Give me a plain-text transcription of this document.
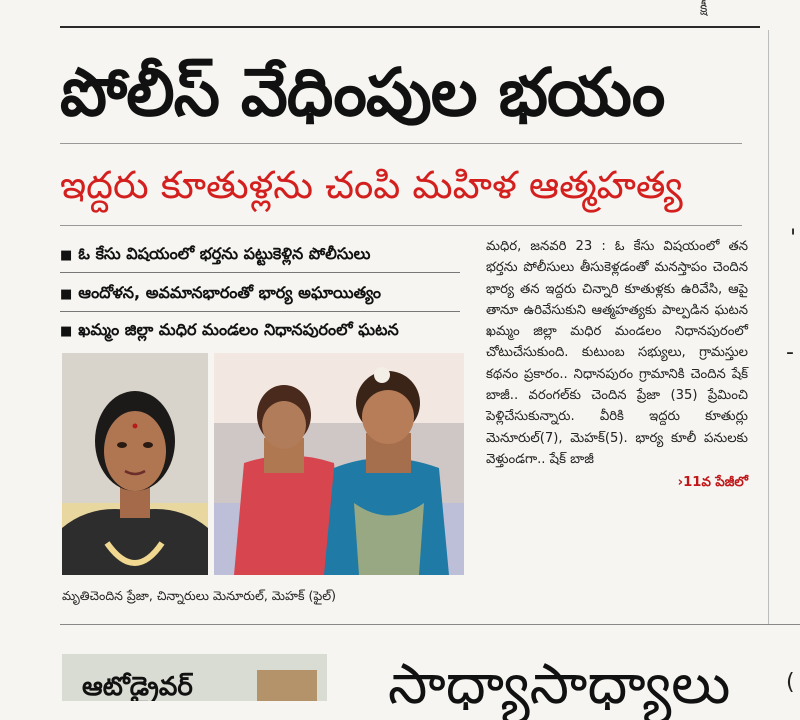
క్షీ
పోలీస్ వేధింపుల భయం
ఇద్దరు కూతుళ్లను చంపి మహిళ ఆత్మహత్య
■ ఓ కేసు విషయంలో భర్తను పట్టుకెళ్లిన పోలీసులు
■ ఆందోళన, అవమానభారంతో భార్య అఘాయిత్యం
■ ఖమ్మం జిల్లా మధిర మండలం నిధానపురంలో ఘటన
మృతిచెందిన ప్రేజా, చిన్నారులు మెనూరుల్, మెహక్ (ఫైల్)

మధిర, జనవరి 23 : ఓ కేసు విషయంలో తన భర్తను పోలీసులు తీసుకెళ్లడంతో మనస్తాపం చెందిన భార్య తన ఇద్దరు చిన్నారి కూతుళ్లకు ఉరివేసి, ఆపై తానూ ఉరివేసుకుని ఆత్మహత్యకు పాల్పడిన ఘటన ఖమ్మం జిల్లా మధిర మండలం నిధానపురంలో చోటుచేసుకుంది. కుటుంబ సభ్యులు, గ్రామస్తుల కథనం ప్రకారం.. నిధానపురం గ్రామానికి చెందిన షేక్ బాజీ.. వరంగల్‌కు చెందిన ప్రేజా (35) ప్రేమించి పెళ్లిచేసుకున్నారు. వీరికి ఇద్దరు కూతుర్లు మెనూరుల్(7), మెహక్(5). భార్య కూలీ పనులకు వెళ్తుండగా.. షేక్ బాజీ

›11వ పేజీలో
ఆటోడ్రైవర్	సాధ్యాసాధ్యాలు
'
-
(
